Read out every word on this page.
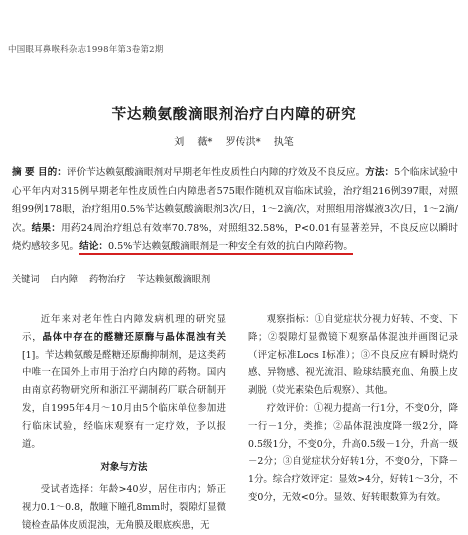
中国眼耳鼻喉科杂志1998年第3卷第2期
苄达赖氨酸滴眼剂治疗白内障的研究
刘 薇* 罗传洪* 执笔
摘 要 目的：评价苄达赖氨酸滴眼剂对早期老年性皮质性白内障的疗效及不良反应。方法：5个临床试验中心平年内对315例早期老年性皮质性白内障患者575眼作随机双盲临床试验，治疗组216例397眼，对照组99例178眼，治疗组用0.5%苄达赖氨酸滴眼剂3次/日，1～2滴/次，对照组用溶媒液3次/日，1～2滴/次。结果：用药24周治疗组总有效率70.78%，对照组32.58%，P<0.01有显著差异，不良反应以瞬时烧灼感较多见。结论：0.5%苄达赖氨酸滴眼剂是一种安全有效的抗白内障药物。
关键词 白内障 药物治疗 苄达赖氨酸滴眼剂

近年来对老年性白内障发病机理的研究显示，晶体中存在的醛糖还原酶与晶体混浊有关[1]。苄达赖氨酸是醛糖还原酶抑制剂，是这类药中唯一在国外上市用于治疗白内障的药物。国内由南京药物研究所和浙江平湖制药厂联合研制开发，自1995年4月～10月由5个临床单位参加进行临床试验，经临床观察有一定疗效，予以报道。

对象与方法

受试者选择：年龄>40岁，居住市内；矫正视力0.1～0.8，散瞳下瞳孔8mm时，裂隙灯显微镜检查晶体皮质混浊，无角膜及眼底疾患，无

观察指标：①自觉症状分视力好转、不变、下降；②裂隙灯显微镜下观察晶体混浊并画图记录（评定标准Locs Ⅰ标准）；③不良反应有瞬时烧灼感、异物感、视光流泪、睑球结膜充血、角膜上皮剥脱（荧光素染色后观察）、其他。

疗效评价：①视力提高一行1分，不变0分，降一行－1分，类推；②晶体混浊度降一级2分，降0.5级1分，不变0分，升高0.5级－1分，升高一级－2分；③自觉症状分好转1分，不变0分，下降－1分。综合疗效评定：显效>4分，好转1～3分，不变0分，无效<0分。显效、好转眼数算为有效。
